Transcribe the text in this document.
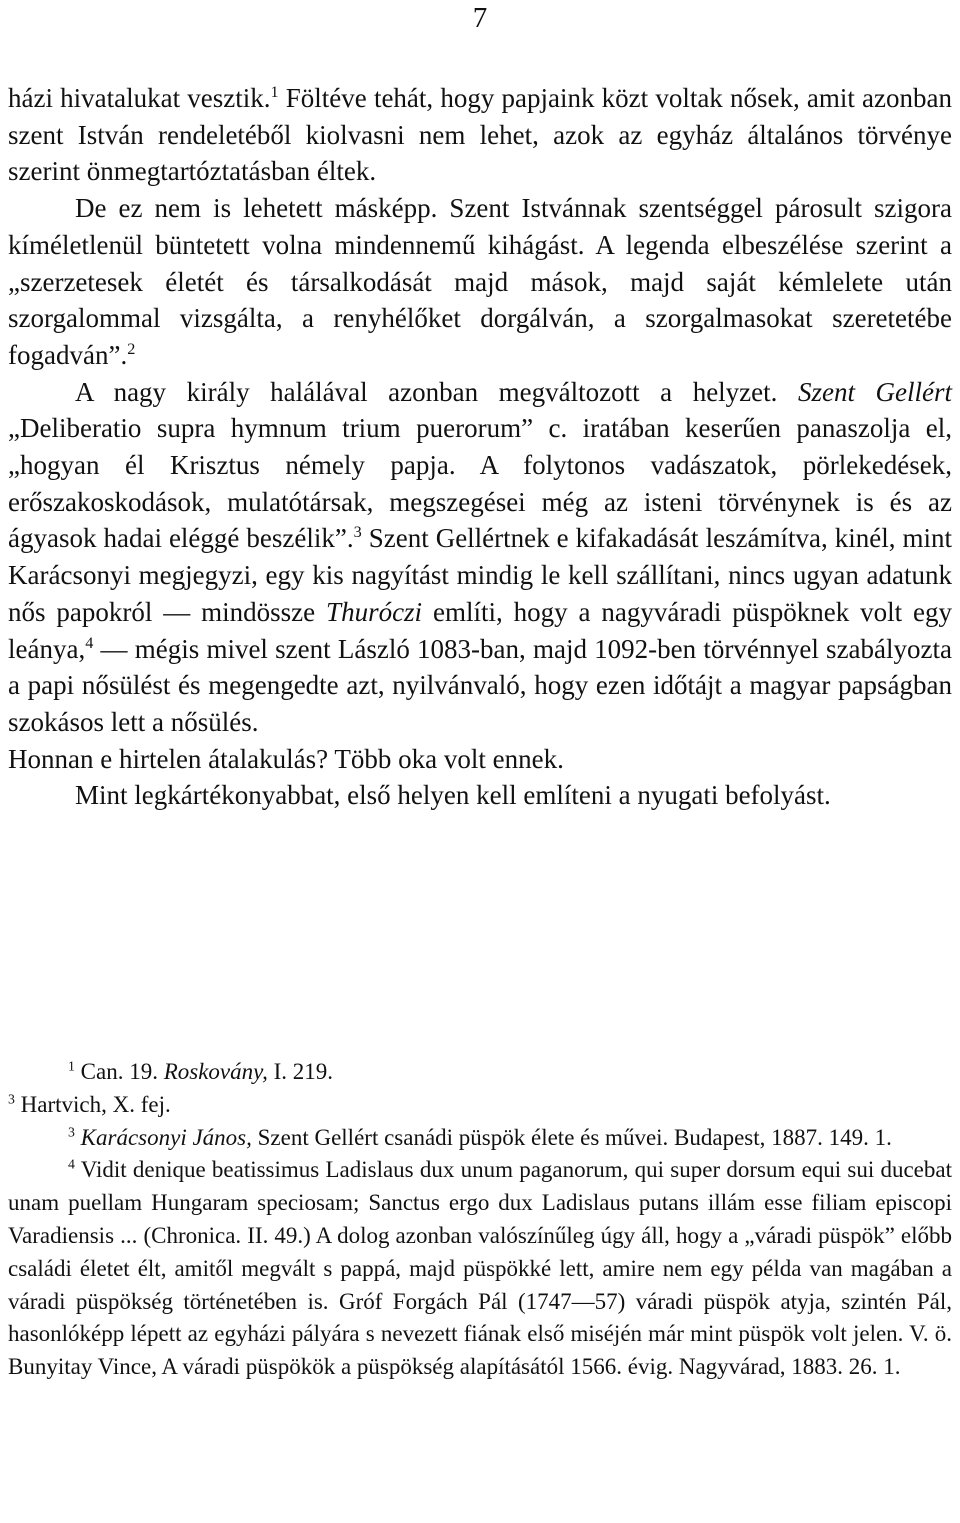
7

házi hivatalukat vesztik.$^1$ Föltéve tehát, hogy papjaink közt voltak nősek, amit azonban szent István rendeletéből kiolvasni nem lehet, azok az egyház általános törvénye szerint önmegtartóztatásban éltek.

De ez nem is lehetett másképp. Szent Istvánnak szentséggel párosult szigora kíméletlenül büntetett volna mindennemű kihágást. A legenda elbeszélése szerint a „szerzetesek életét és társalkodását majd mások, majd saját kémlelete után szorgalommal vizsgálta, a renyhélőket dorgálván, a szorgalmasokat szeretetébe fogadván”.$^2$

A nagy király halálával azonban megváltozott a helyzet. Szent Gellért „Deliberatio supra hymnum trium puerorum” c. iratában keserűen panaszolja el, „hogyan él Krisztus némely papja. A folytonos vadászatok, pörlekedések, erőszakoskodások, mulatótársak, megszegései még az isteni törvénynek is és az ágyasok hadai eléggé beszélik”.$^3$ Szent Gellértnek e kifakadását leszámítva, kinél, mint Karácsonyi megjegyzi, egy kis nagyítást mindig le kell szállítani, nincs ugyan adatunk nős papokról — mindössze Thuróczi említi, hogy a nagyváradi püspöknek volt egy leánya,$^4$ — mégis mivel szent László 1083-ban, majd 1092-ben törvénnyel szabályozta a papi nősülést és megengedte azt, nyilvánvaló, hogy ezen időtájt a magyar papságban szokásos lett a nősülés.

Honnan e hirtelen átalakulás? Több oka volt ennek.

Mint legkártékonyabbat, első helyen kell említeni a nyugati befolyást.

$^1$ Can. 19. Roskovány, I. 219.

$^3$ Hartvich, X. fej.

$^3$ Karácsonyi János, Szent Gellért csanádi püspök élete és művei. Budapest, 1887. 149. 1.

$^4$ Vidit denique beatissimus Ladislaus dux unum paganorum, qui super dorsum equi sui ducebat unam puellam Hungaram speciosam; Sanctus ergo dux Ladislaus putans illám esse filiam episcopi Varadiensis ... (Chronica. II. 49.) A dolog azonban valószínűleg úgy áll, hogy a „váradi püspök” előbb családi életet élt, amitől megvált s pappá, majd püspökké lett, amire nem egy példa van magában a váradi püspökség történetében is. Gróf Forgách Pál (1747—57) váradi püspök atyja, szintén Pál, hasonlóképp lépett az egyházi pályára s nevezett fiának első miséjén már mint püspök volt jelen. V. ö. Bunyitay Vince, A váradi püspökök a püspökség alapításától 1566. évig. Nagyvárad, 1883. 26. 1.
